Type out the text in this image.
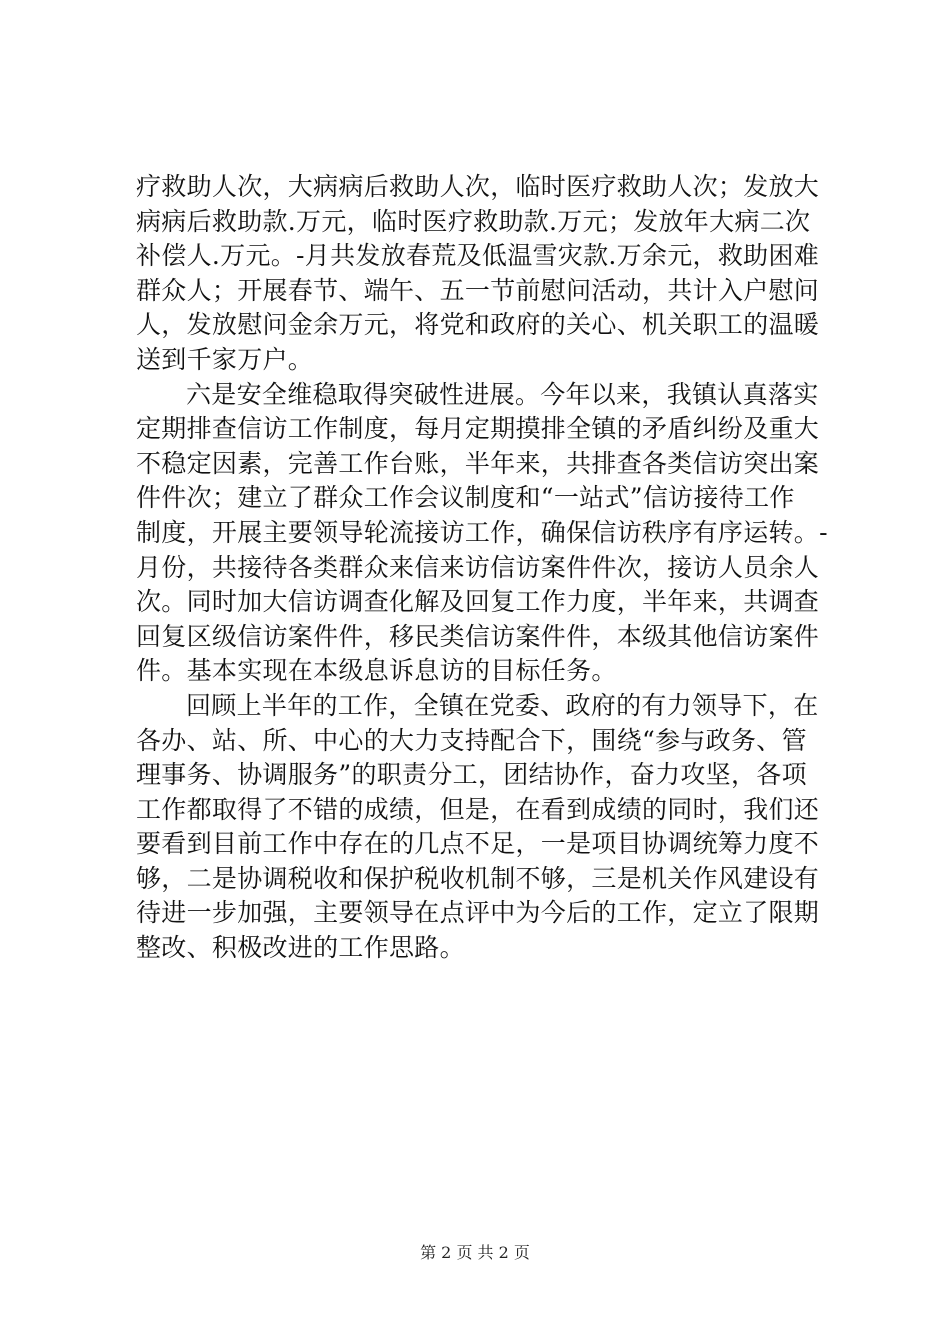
疗救助人次，大病病后救助人次，临时医疗救助人次；发放大
病病后救助款.万元，临时医疗救助款.万元；发放年大病二次
补偿人.万元。-月共发放春荒及低温雪灾款.万余元，救助困难
群众人；开展春节、端午、五一节前慰问活动，共计入户慰问
人，发放慰问金余万元，将党和政府的关心、机关职工的温暖
送到千家万户。
六是安全维稳取得突破性进展。今年以来，我镇认真落实
定期排查信访工作制度，每月定期摸排全镇的矛盾纠纷及重大
不稳定因素，完善工作台账，半年来，共排查各类信访突出案
件件次；建立了群众工作会议制度和“一站式”信访接待工作
制度，开展主要领导轮流接访工作，确保信访秩序有序运转。-
月份，共接待各类群众来信来访信访案件件次，接访人员余人
次。同时加大信访调查化解及回复工作力度，半年来，共调查
回复区级信访案件件，移民类信访案件件，本级其他信访案件
件。基本实现在本级息诉息访的目标任务。
回顾上半年的工作，全镇在党委、政府的有力领导下，在
各办、站、所、中心的大力支持配合下，围绕“参与政务、管
理事务、协调服务”的职责分工，团结协作，奋力攻坚，各项
工作都取得了不错的成绩，但是，在看到成绩的同时，我们还
要看到目前工作中存在的几点不足，一是项目协调统筹力度不
够，二是协调税收和保护税收机制不够，三是机关作风建设有
待进一步加强，主要领导在点评中为今后的工作，定立了限期
整改、积极改进的工作思路。
第 2 页 共 2 页
